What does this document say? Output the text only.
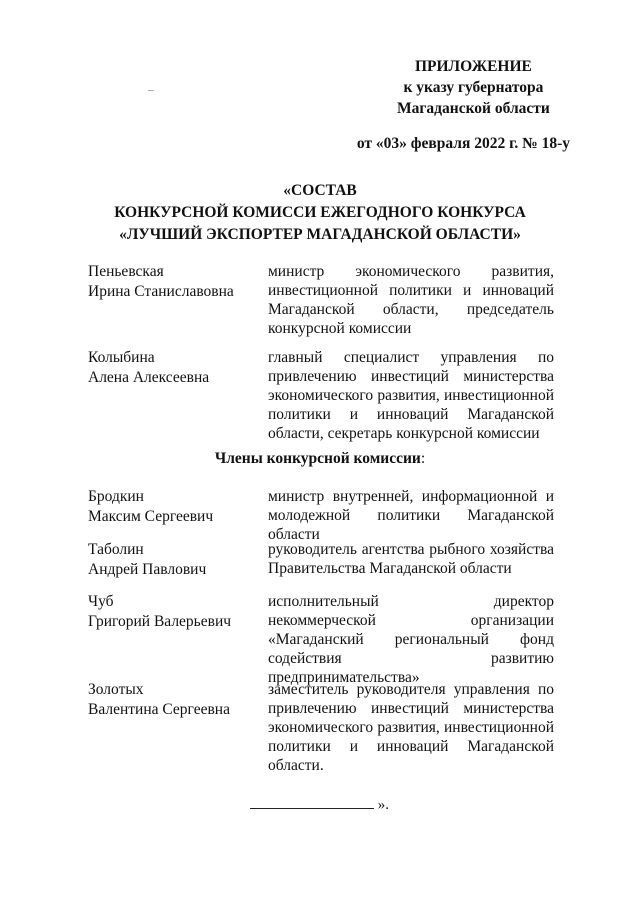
ПРИЛОЖЕНИЕ
к указу губернатора
Магаданской области
от «03» февраля 2022 г. № 18-у
«СОСТАВ
КОНКУРСНОЙ КОМИССИ ЕЖЕГОДНОГО КОНКУРСА
«ЛУЧШИЙ ЭКСПОРТЕР МАГАДАНСКОЙ ОБЛАСТИ»
Пеньевская
Ирина Станиславовна
министр экономического развития, инвестиционной политики и инноваций Магаданской области, председатель конкурсной комиссии
Колыбина
Алена Алексеевна
главный специалист управления по привлечению инвестиций министерства экономического развития, инвестиционной политики и инноваций Магаданской области, секретарь конкурсной комиссии
Члены конкурсной комиссии:
Бродкин
Максим Сергеевич
министр внутренней, информационной и молодежной политики Магаданской области
Таболин
Андрей Павлович
руководитель агентства рыбного хозяйства Правительства Магаданской области
Чуб
Григорий Валерьевич
исполнительный директор некоммерческой организации «Магаданский региональный фонд содействия развитию предпринимательства»
Золотых
Валентина Сергеевна
заместитель руководителя управления по привлечению инвестиций министерства экономического развития, инвестиционной политики и инноваций Магаданской области.
».
